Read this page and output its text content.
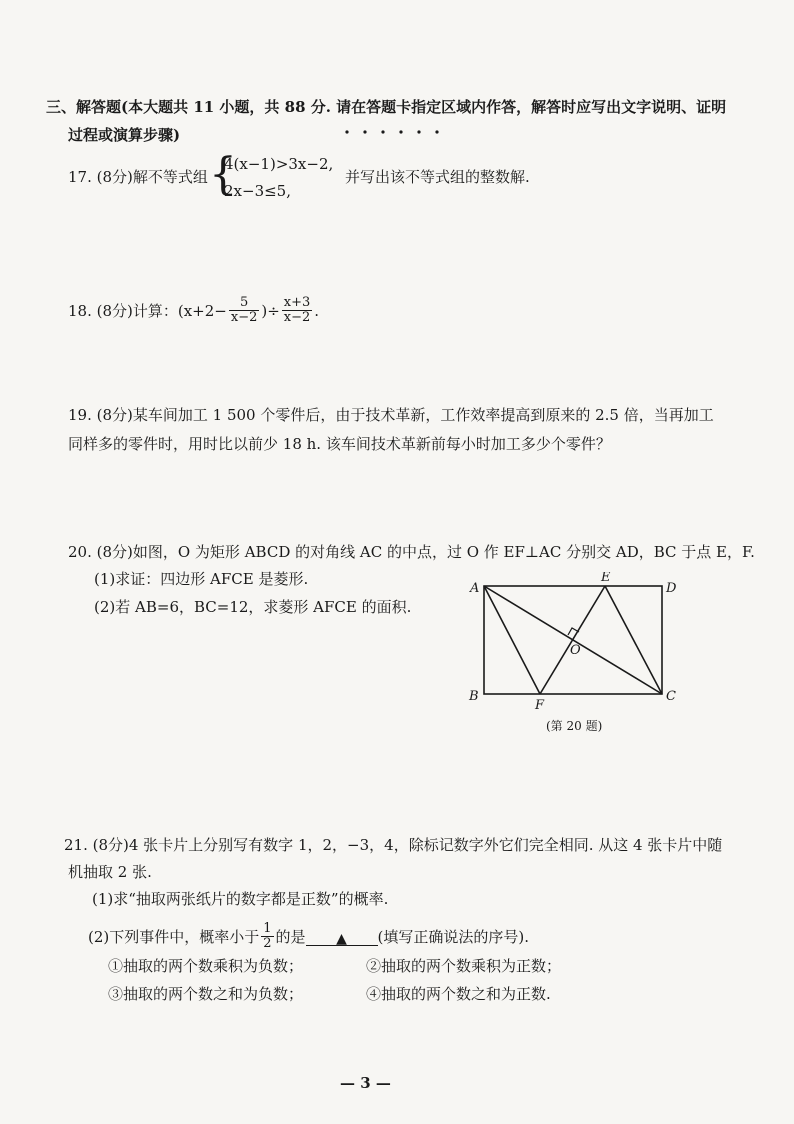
三、解答题(本大题共 11 小题，共 88 分. 请在答题卡指定区域内作答，解答时应写出文字说明、证明
过程或演算步骤)
17. (8分)解不等式组 {
4(x−1)>3x−2,
2x−3≤5,
并写出该不等式组的整数解.
18. (8分)计算： ($x+2- \frac{5}{x-2}$ )÷ $\frac{x+3}{x-2}$ .
19. (8分)某车间加工 1 500 个零件后，由于技术革新，工作效率提高到原来的 2.5 倍，当再加工
同样多的零件时，用时比以前少 18 h. 该车间技术革新前每小时加工多少个零件？
20. (8分)如图，O 为矩形 ABCD 的对角线 AC 的中点，过 O 作 EF⊥AC 分别交 AD，BC 于点 E，F.
(1)求证：四边形 AFCE 是菱形.
(2)若 AB=6，BC=12，求菱形 AFCE 的面积.
A
B	C
D
E
F
O
(第 20 题)
21. (8分)4 张卡片上分别写有数字 1，2，−3，4，除标记数字外它们完全相同. 从这 4 张卡片中随
机抽取 2 张.
(1)求“抽取两张纸片的数字都是正数”的概率.
(2)下列事件中，概率小于 $\frac{1}{2}$ 的是	▲	(填写正确说法的序号).
①抽取的两个数乘积为负数；	②抽取的两个数乘积为正数；
③抽取的两个数之和为负数；	④抽取的两个数之和为正数.
— 3 —
